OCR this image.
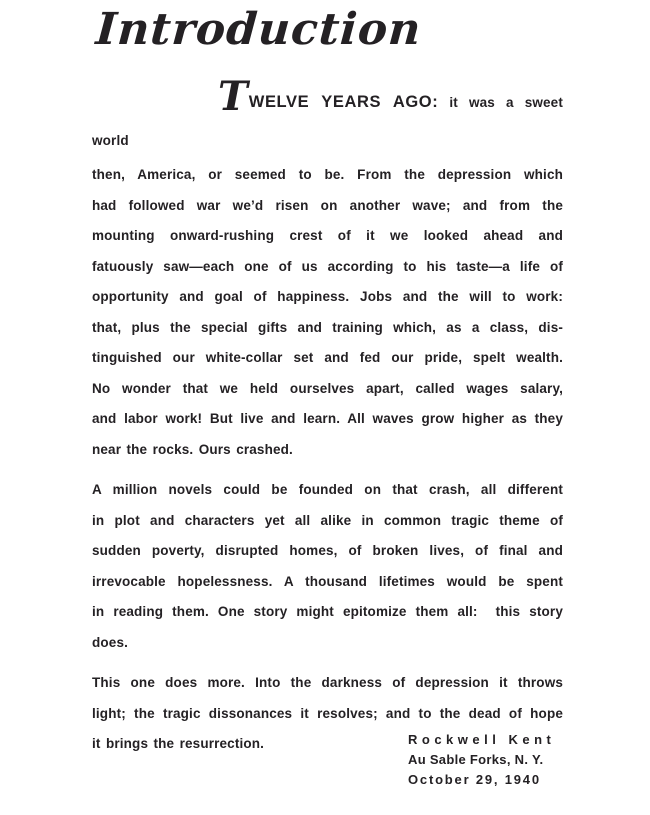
Introduction
TWELVE YEARS AGO: it was a sweet world
then, America, or seemed to be. From the depression which
had followed war we’d risen on another wave; and from the
mounting onward-rushing crest of it we looked ahead and
fatuously saw—each one of us according to his taste—a life of
opportunity and goal of happiness. Jobs and the will to work:
that, plus the special gifts and training which, as a class, dis-
tinguished our white-collar set and fed our pride, spelt wealth.
No wonder that we held ourselves apart, called wages salary,
and labor work! But live and learn. All waves grow higher as they
near the rocks. Ours crashed.
A million novels could be founded on that crash, all different
in plot and characters yet all alike in common tragic theme of
sudden poverty, disrupted homes, of broken lives, of final and
irrevocable hopelessness. A thousand lifetimes would be spent
in reading them. One story might epitomize them all:  this story
does.
This one does more. Into the darkness of depression it throws
light; the tragic dissonances it resolves; and to the dead of hope
it brings the resurrection.	Rockwell Kent
Au Sable Forks, N. Y.
October 29, 1940
